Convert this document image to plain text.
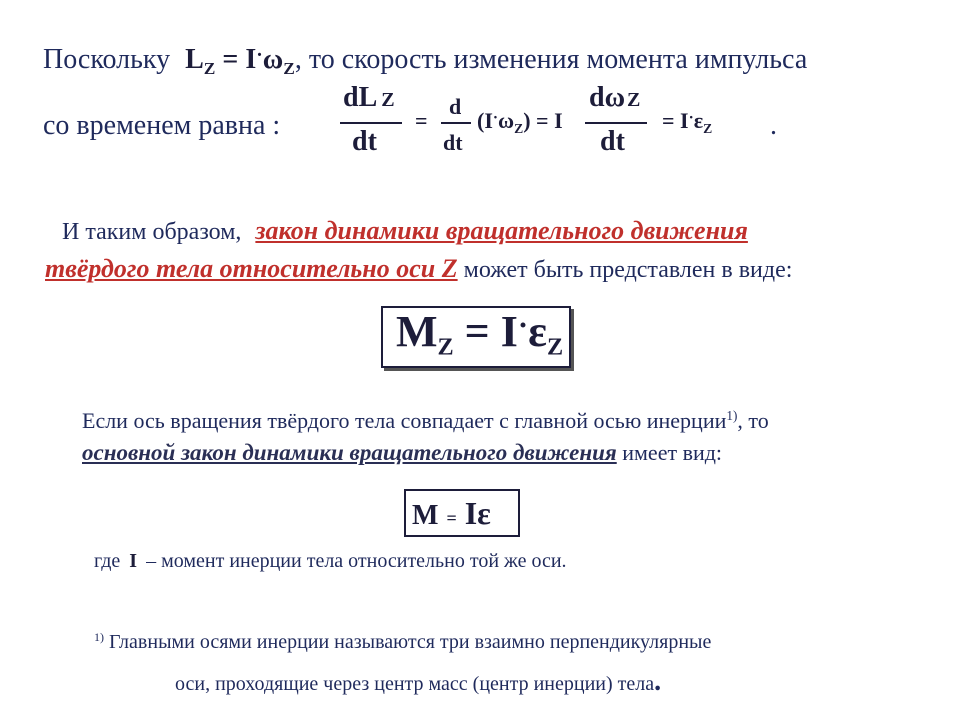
Поскольку $L_Z = I^\cdot\omega_Z$, то скорость изменения момента импульса
со временем равна :	.
dL Z
dt
=
d
dt
$(I^\cdot\omega_Z) = I$
dω Z
dt
= $I^\cdot\varepsilon_Z$
И таким образом, закон динамики вращательного движения
твёрдого тела относительно оси Z может быть представлен в виде:
$M_Z = I^\cdot\varepsilon_Z$
Если ось вращения твёрдого тела совпадает с главной осью инерции$^{1)}$, то
основной закон динамики вращательного движения имеет вид:
M = Iε
где I – момент инерции тела относительно той же оси.
$^{1)}$ Главными осями инерции называются три взаимно перпендикулярные
оси, проходящие через центр масс (центр инерции) тела.
